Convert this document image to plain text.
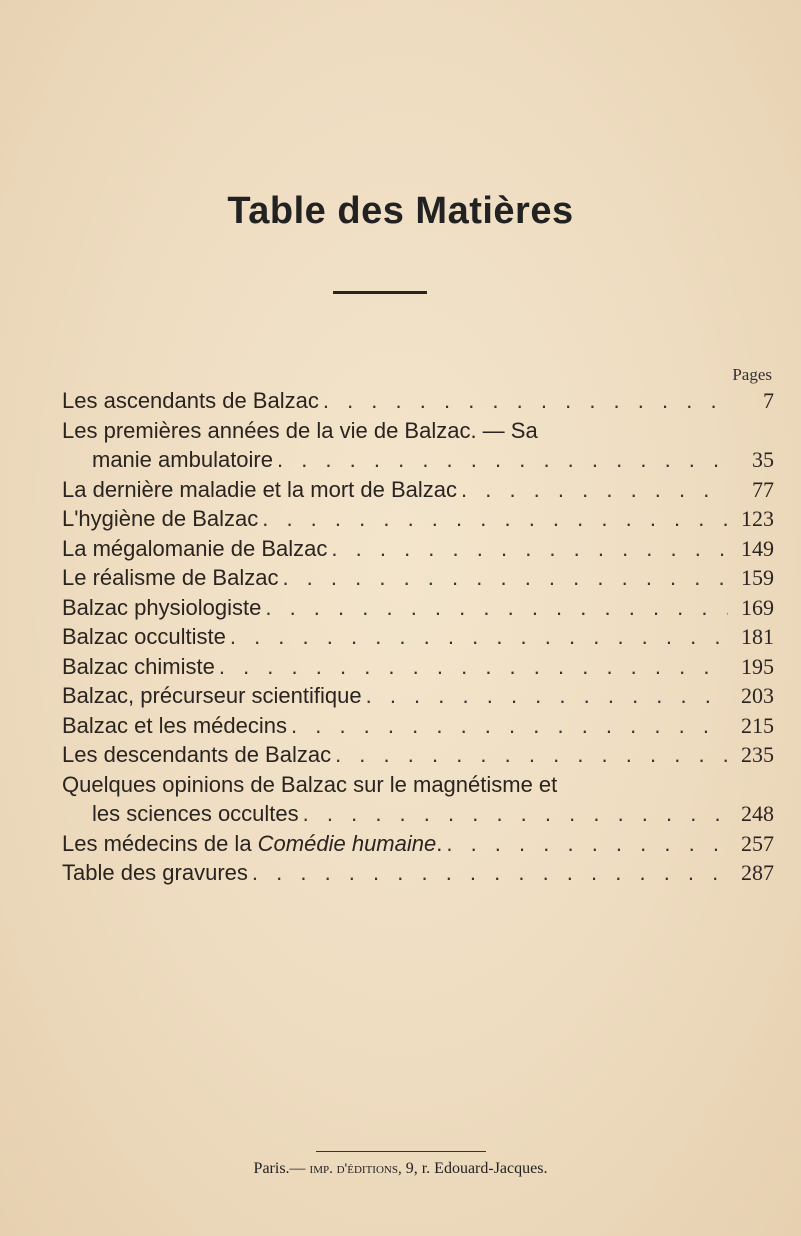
Table des Matières
Pages
Les ascendants de Balzac . . .	7
Les premières années de la vie de Balzac. — Sa
manie ambulatoire . . .	35
La dernière maladie et la mort de Balzac . . .	77
L'hygiène de Balzac . . .	123
La mégalomanie de Balzac . . .	149
Le réalisme de Balzac . . .	159
Balzac physiologiste . . .	169
Balzac occultiste . . .	181
Balzac chimiste . . .	195
Balzac, précurseur scientifique . . .	203
Balzac et les médecins . . .	215
Les descendants de Balzac . . .	235
Quelques opinions de Balzac sur le magnétisme et
les sciences occultes . . .	248
Les médecins de la Comédie humaine. . . .	257
Table des gravures . . .	287
Paris.— imp. d'éditions, 9, r. Edouard-Jacques.
